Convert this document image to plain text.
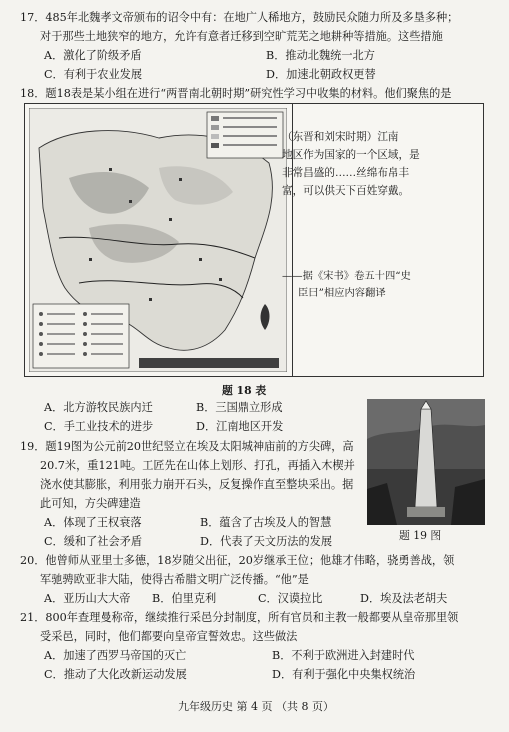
17．485年北魏孝文帝颁布的诏令中有：在地广人稀地方，鼓励民众随力所及多垦多种；
对于那些土地狭窄的地方，允许有意者迁移到空旷荒芜之地耕种等措施。这些措施
A．激化了阶级矛盾	B．推动北魏统一北方
C．有利于农业发展	D．加速北朝政权更替
18．题18表是某小组在进行“两晋南北朝时期”研究性学习中收集的材料。他们聚焦的是
（东晋和刘宋时期）江南
地区作为国家的一个区域，是
非常昌盛的……丝绵布帛丰
富，可以供天下百姓穿戴。
——据《宋书》卷五十四“史
臣曰”相应内容翻译
题 18 表
A．北方游牧民族内迁	B．三国鼎立形成
C．手工业技术的进步	D．江南地区开发
19．题19图为公元前20世纪竖立在埃及太阳城神庙前的方尖碑，高
20.7米，重121吨。工匠先在山体上划形、打孔，再插入木楔并
浇水使其膨胀，利用张力崩开石头，反复操作直至整块采出。据
此可知，方尖碑建造
A．体现了王权衰落	B．蕴含了古埃及人的智慧
C．缓和了社会矛盾	D．代表了天文历法的发展	题 19 图
20．他曾师从亚里士多德，18岁随父出征，20岁继承王位；他雄才伟略，骁勇善战，领
军驰骋欧亚非大陆，使得古希腊文明广泛传播。“他”是
A．亚历山大大帝 B．伯里克利	C．汉谟拉比	D．埃及法老胡夫
21．800年查理曼称帝，继续推行采邑分封制度，所有官员和主教一般都要从皇帝那里领
受采邑，同时，他们都要向皇帝宣誓效忠。这些做法
A．加速了西罗马帝国的灭亡	B．不利于欧洲进入封建时代
C．推动了大化改新运动发展	D．有利于强化中央集权统治
九年级历史 第 4 页 （共 8 页）
